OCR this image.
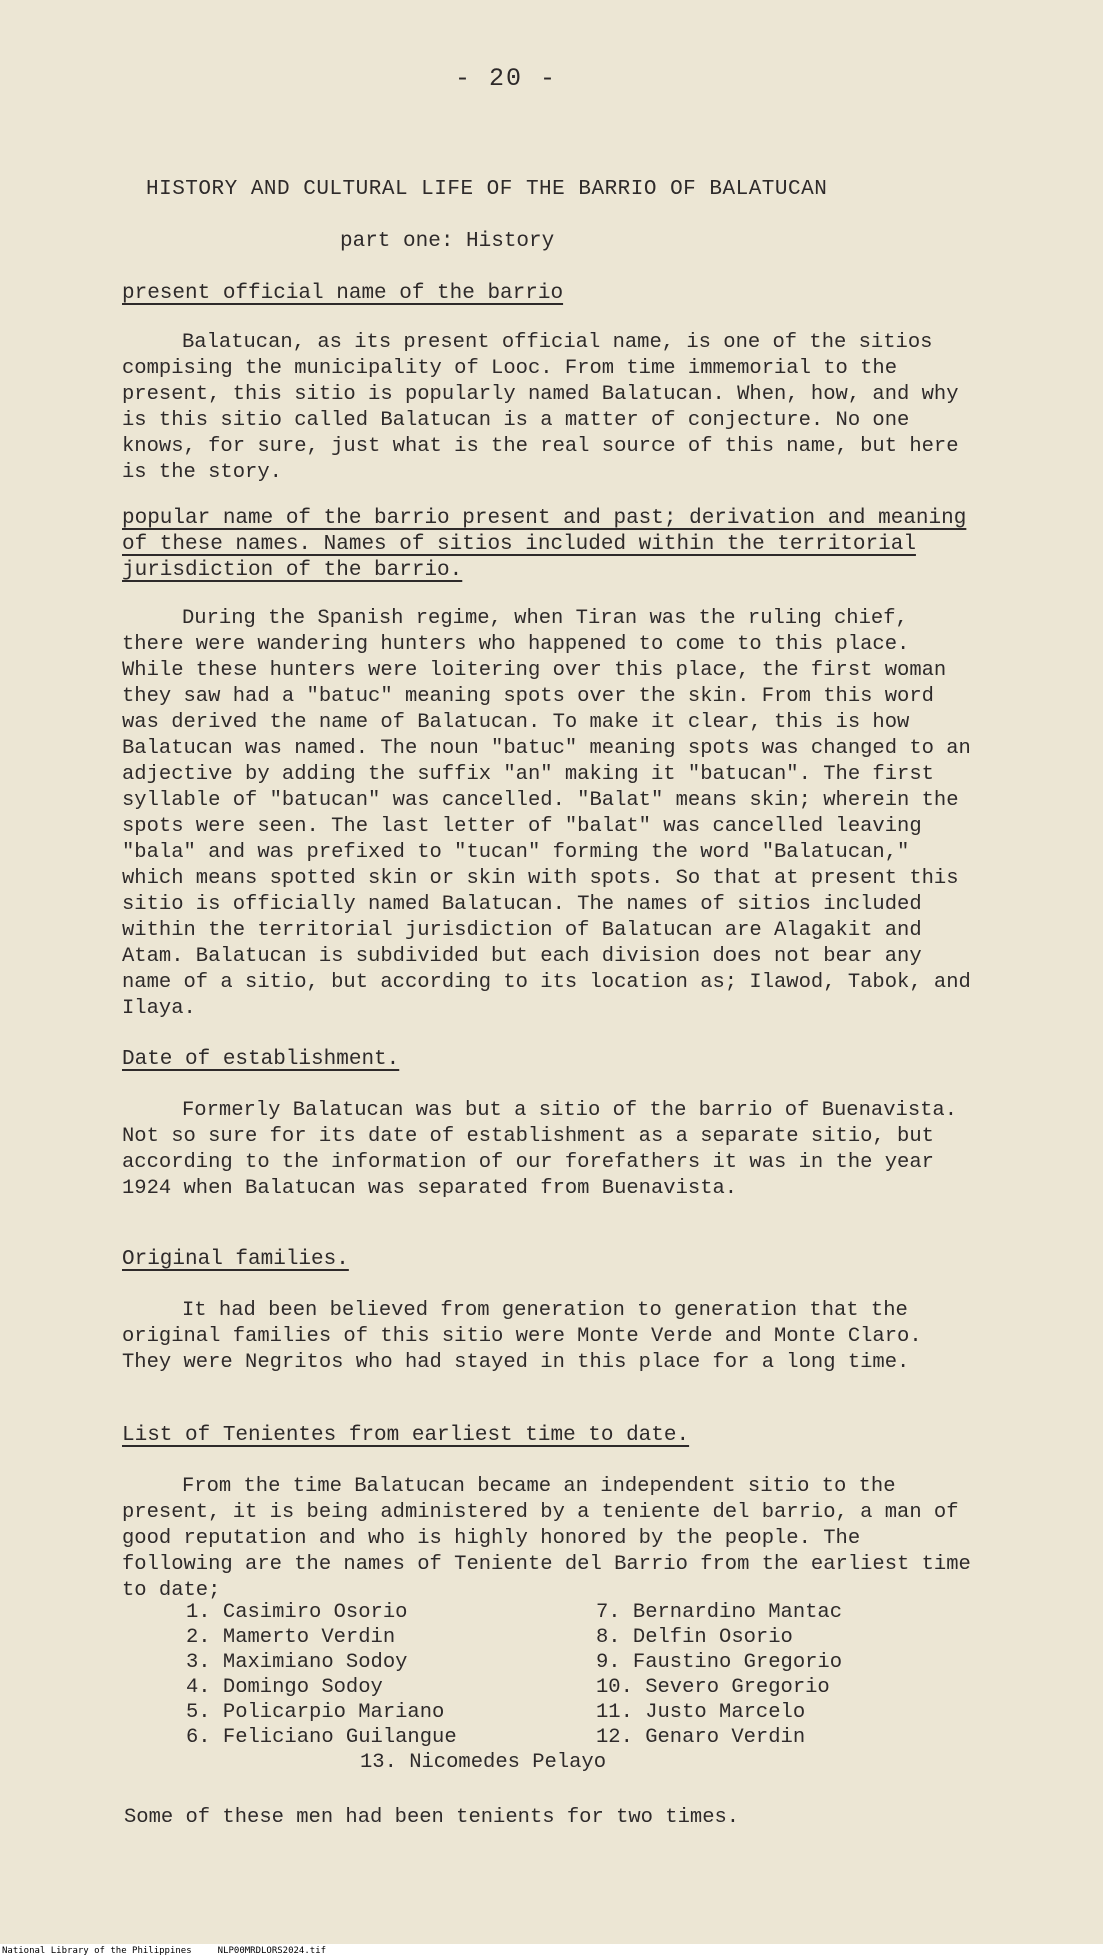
- 20 -
HISTORY AND CULTURAL LIFE OF THE BARRIO OF BALATUCAN
part one: History
present official name of the barrio

Balatucan, as its present official name, is one of the sitios compising the municipality of Looc. From time immemorial to the present, this sitio is popularly named Balatucan. When, how, and why is this sitio called Balatucan is a matter of conjecture. No one knows, for sure, just what is the real source of this name, but here is the story.

popular name of the barrio present and past; derivation and meaning of these names. Names of sitios included within the territorial jurisdiction of the barrio.

During the Spanish regime, when Tiran was the ruling chief, there were wandering hunters who happened to come to this place. While these hunters were loitering over this place, the first woman they saw had a "batuc" meaning spots over the skin. From this word was derived the name of Balatucan. To make it clear, this is how Balatucan was named. The noun "batuc" meaning spots was changed to an adjective by adding the suffix "an" making it "batucan". The first syllable of "batucan" was cancelled. "Balat" means skin; wherein the spots were seen. The last letter of "balat" was cancelled leaving "bala" and was prefixed to "tucan" forming the word "Balatucan," which means spotted skin or skin with spots. So that at present this sitio is officially named Balatucan. The names of sitios included within the territorial jurisdiction of Balatucan are Alagakit and Atam. Balatucan is subdivided but each division does not bear any name of a sitio, but according to its location as; Ilawod, Tabok, and Ilaya.

Date of establishment.

Formerly Balatucan was but a sitio of the barrio of Buenavista. Not so sure for its date of establishment as a separate sitio, but according to the information of our forefathers it was in the year 1924 when Balatucan was separated from Buenavista.

Original families.

It had been believed from generation to generation that the original families of this sitio were Monte Verde and Monte Claro. They were Negritos who had stayed in this place for a long time.

List of Tenientes from earliest time to date.

From the time Balatucan became an independent sitio to the present, it is being administered by a teniente del barrio, a man of good reputation and who is highly honored by the people. The following are the names of Teniente del Barrio from the earliest time to date;

1. Casimiro Osorio
2. Mamerto Verdin
3. Maximiano Sodoy
4. Domingo Sodoy
5. Policarpio Mariano
6. Feliciano Guilangue
7. Bernardino Mantac
8. Delfin Osorio
9. Faustino Gregorio
10. Severo Gregorio
11. Justo Marcelo
12. Genaro Verdin
13. Nicomedes Pelayo
Some of these men had been tenients for two times.
National Library of the Philippines	NLP00MRDLORS2024.tif
